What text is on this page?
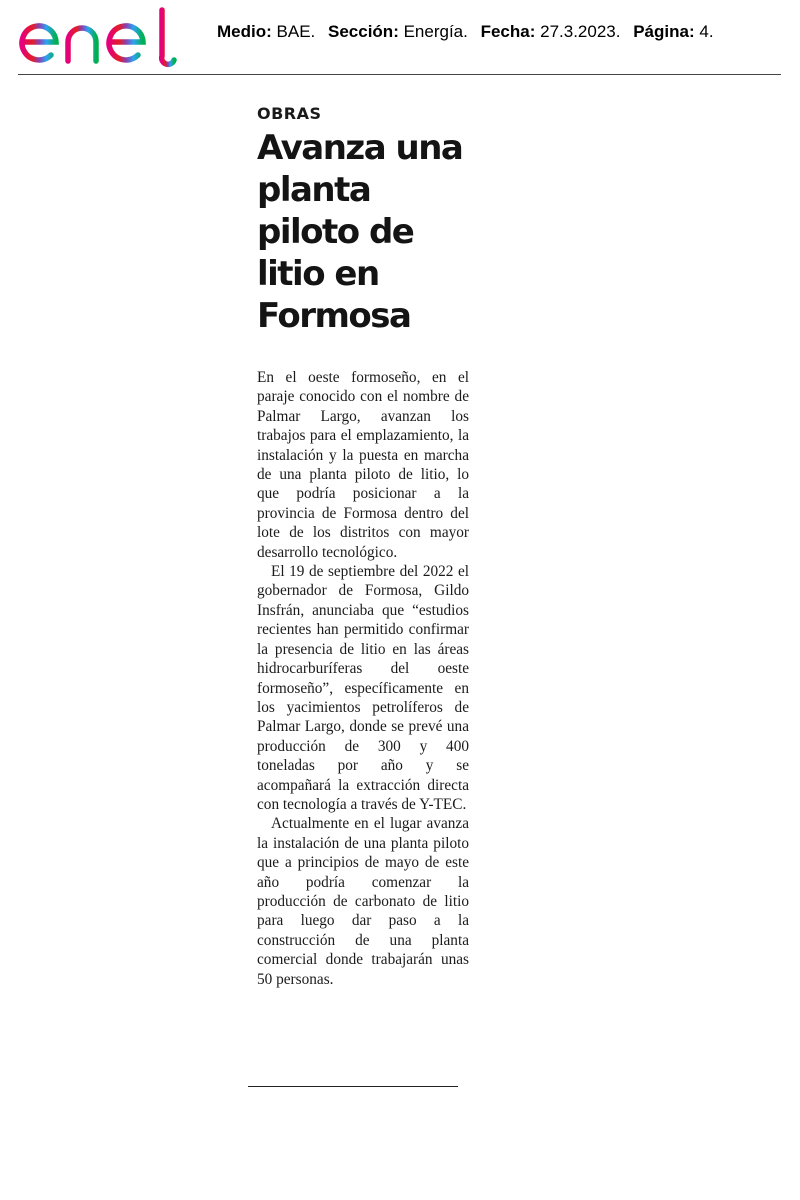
Medio: BAE. Sección: Energía. Fecha: 27.3.2023. Página: 4.
OBRAS
Avanza una planta piloto de litio en Formosa

En el oeste formoseño, en el paraje conocido con el nombre de Palmar Largo, avanzan los trabajos para el emplazamiento, la instalación y la puesta en marcha de una planta piloto de litio, lo que podría posicionar a la provincia de Formosa dentro del lote de los distritos con mayor desarrollo tecnológico.

El 19 de septiembre del 2022 el gobernador de Formosa, Gildo Insfrán, anunciaba que “estudios recientes han permitido confirmar la presencia de litio en las áreas hidrocarburíferas del oeste formoseño”, específicamente en los yacimientos petrolíferos de Palmar Largo, donde se prevé una producción de 300 y 400 toneladas por año y se acompañará la extracción directa con tecnología a través de Y-TEC.

Actualmente en el lugar avanza la instalación de una planta piloto que a principios de mayo de este año podría comenzar la producción de carbonato de litio para luego dar paso a la construcción de una planta comercial donde trabajarán unas 50 personas.
